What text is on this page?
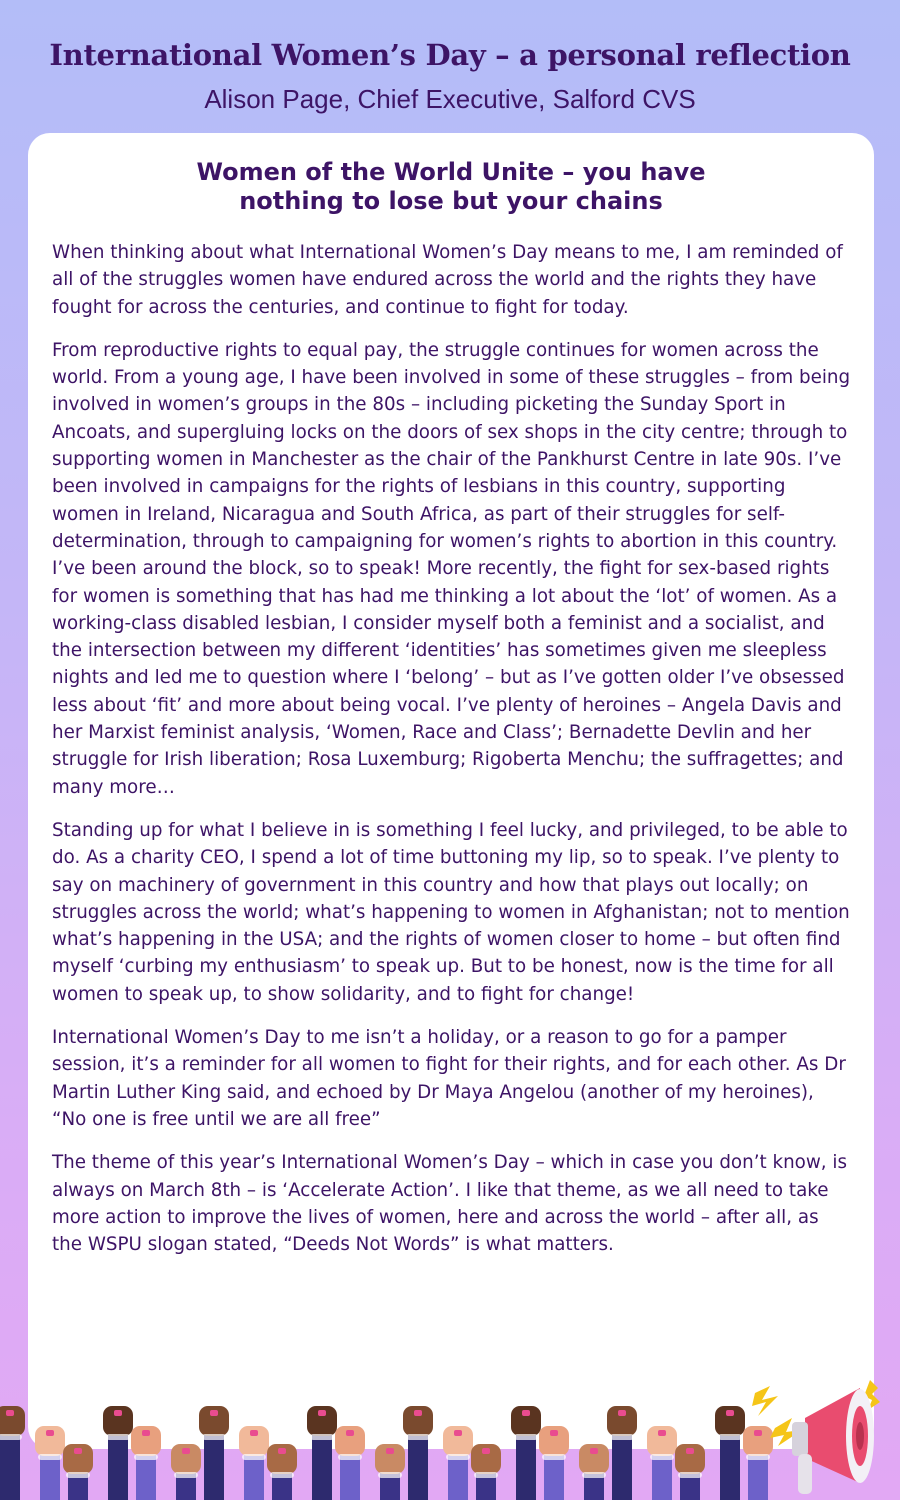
International Women’s Day – a personal reflection
Alison Page, Chief Executive, Salford CVS
Women of the World Unite – you have
nothing to lose but your chains

When thinking about what International Women’s Day means to me, I am reminded of all of the struggles women have endured across the world and the rights they have fought for across the centuries, and continue to fight for today.

From reproductive rights to equal pay, the struggle continues for women across the world. From a young age, I have been involved in some of these struggles – from being involved in women’s groups in the 80s – including picketing the Sunday Sport in Ancoats, and supergluing locks on the doors of sex shops in the city centre; through to supporting women in Manchester as the chair of the Pankhurst Centre in late 90s. I’ve been involved in campaigns for the rights of lesbians in this country, supporting women in Ireland, Nicaragua and South Africa, as part of their struggles for self-determination, through to campaigning for women’s rights to abortion in this country. I’ve been around the block, so to speak! More recently, the fight for sex-based rights for women is something that has had me thinking a lot about the ‘lot’ of women. As a working-class disabled lesbian, I consider myself both a feminist and a socialist, and the intersection between my different ‘identities’ has sometimes given me sleepless nights and led me to question where I ‘belong’ – but as I’ve gotten older I’ve obsessed less about ‘fit’ and more about being vocal. I’ve plenty of heroines – Angela Davis and her Marxist feminist analysis, ‘Women, Race and Class’; Bernadette Devlin and her struggle for Irish liberation; Rosa Luxemburg; Rigoberta Menchu; the suffragettes; and many more…

Standing up for what I believe in is something I feel lucky, and privileged, to be able to do. As a charity CEO, I spend a lot of time buttoning my lip, so to speak. I’ve plenty to say on machinery of government in this country and how that plays out locally; on struggles across the world; what’s happening to women in Afghanistan; not to mention what’s happening in the USA; and the rights of women closer to home – but often find myself ‘curbing my enthusiasm’ to speak up. But to be honest, now is the time for all women to speak up, to show solidarity, and to fight for change!

International Women’s Day to me isn’t a holiday, or a reason to go for a pamper session, it’s a reminder for all women to fight for their rights, and for each other. As Dr Martin Luther King said, and echoed by Dr Maya Angelou (another of my heroines), “No one is free until we are all free”

The theme of this year’s International Women’s Day – which in case you don’t know, is always on March 8th – is ‘Accelerate Action’. I like that theme, as we all need to take more action to improve the lives of women, here and across the world – after all, as the WSPU slogan stated, “Deeds Not Words” is what matters.
